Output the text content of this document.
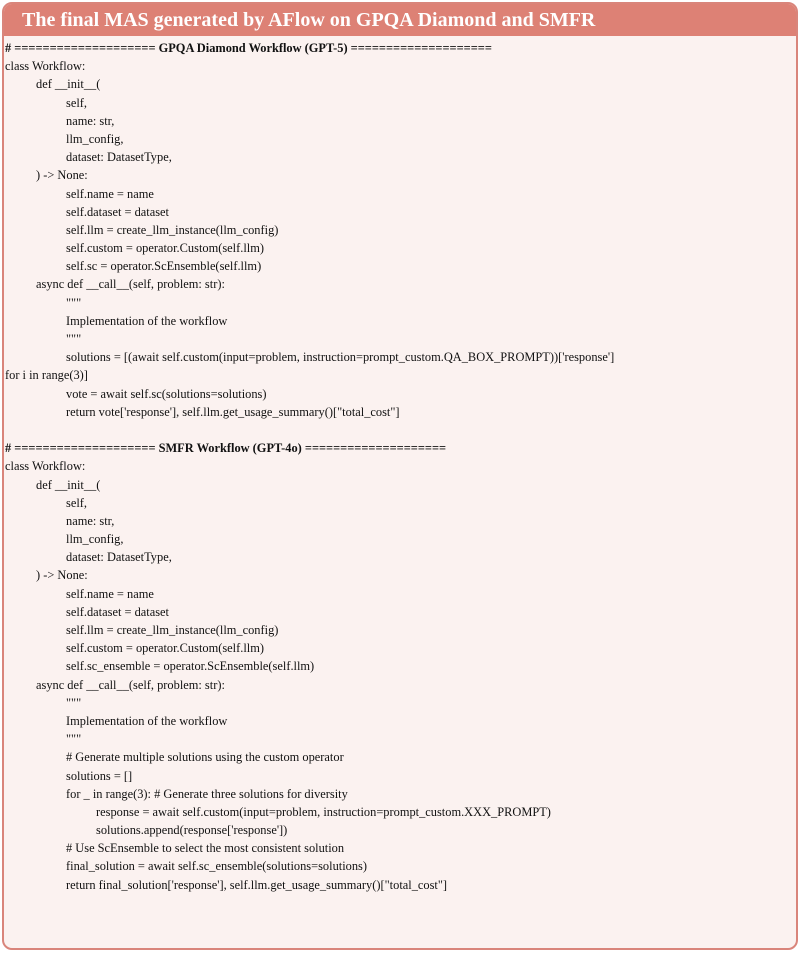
The final MAS generated by AFlow on GPQA Diamond and SMFR
# ==================== GPQA Diamond Workflow (GPT-5) ====================
class Workflow:
def __init__(
self,
name: str,
llm_config,
dataset: DatasetType,
) -> None:
self.name = name
self.dataset = dataset
self.llm = create_llm_instance(llm_config)
self.custom = operator.Custom(self.llm)
self.sc = operator.ScEnsemble(self.llm)
async def __call__(self, problem: str):
"""
Implementation of the workflow
"""
solutions = [(await self.custom(input=problem, instruction=prompt_custom.QA_BOX_PROMPT))['response']
for i in range(3)]
vote = await self.sc(solutions=solutions)
return vote['response'], self.llm.get_usage_summary()["total_cost"]
# ==================== SMFR Workflow (GPT-4o) ====================
class Workflow:
def __init__(
self,
name: str,
llm_config,
dataset: DatasetType,
) -> None:
self.name = name
self.dataset = dataset
self.llm = create_llm_instance(llm_config)
self.custom = operator.Custom(self.llm)
self.sc_ensemble = operator.ScEnsemble(self.llm)
async def __call__(self, problem: str):
"""
Implementation of the workflow
"""
# Generate multiple solutions using the custom operator
solutions = []
for _ in range(3): # Generate three solutions for diversity
response = await self.custom(input=problem, instruction=prompt_custom.XXX_PROMPT)
solutions.append(response['response'])
# Use ScEnsemble to select the most consistent solution
final_solution = await self.sc_ensemble(solutions=solutions)
return final_solution['response'], self.llm.get_usage_summary()["total_cost"]
